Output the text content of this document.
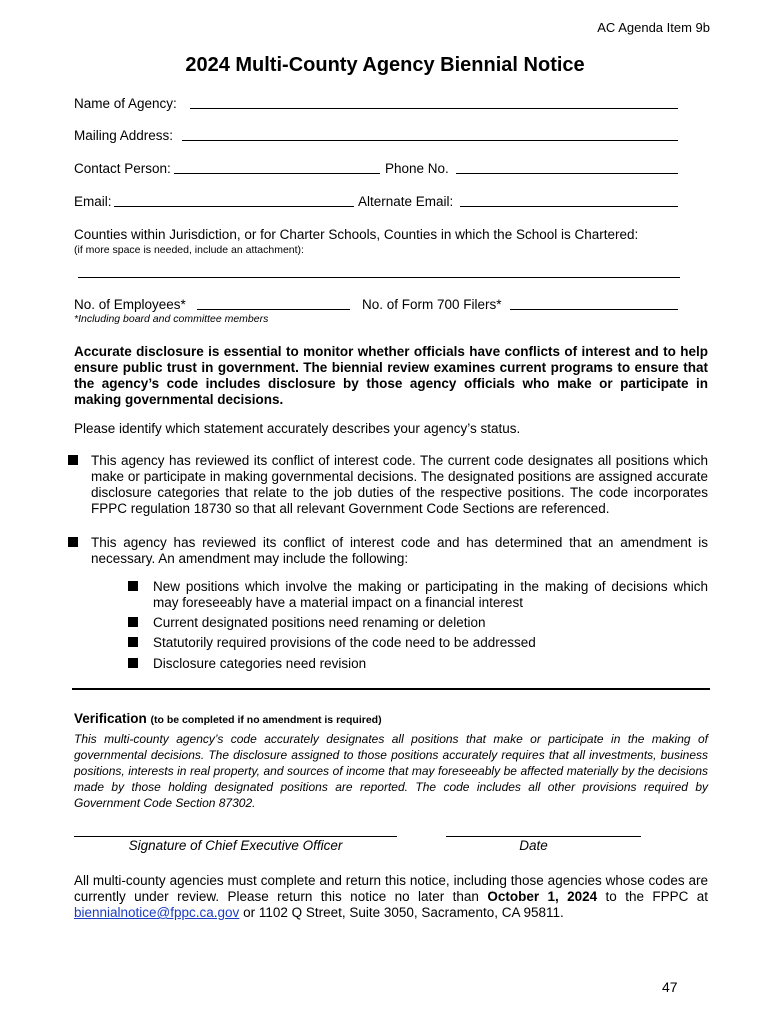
AC Agenda Item 9b
2024 Multi-County Agency Biennial Notice
Name of Agency:
Mailing Address:
Contact Person:	Phone No.
Email:	Alternate Email:
Counties within Jurisdiction, or for Charter Schools, Counties in which the School is Chartered:
(if more space is needed, include an attachment):
No. of Employees*	No. of Form 700 Filers*
*Including board and committee members
Accurate disclosure is essential to monitor whether officials have conflicts of interest and to help ensure public trust in government. The biennial review examines current programs to ensure that the agency’s code includes disclosure by those agency officials who make or participate in making governmental decisions.
Please identify which statement accurately describes your agency’s status.
This agency has reviewed its conflict of interest code. The current code designates all positions which make or participate in making governmental decisions. The designated positions are assigned accurate disclosure categories that relate to the job duties of the respective positions. The code incorporates FPPC regulation 18730 so that all relevant Government Code Sections are referenced.
This agency has reviewed its conflict of interest code and has determined that an amendment is necessary. An amendment may include the following:
New positions which involve the making or participating in the making of decisions which may foreseeably have a material impact on a financial interest
Current designated positions need renaming or deletion
Statutorily required provisions of the code need to be addressed
Disclosure categories need revision
Verification (to be completed if no amendment is required)
This multi-county agency’s code accurately designates all positions that make or participate in the making of governmental decisions. The disclosure assigned to those positions accurately requires that all investments, business positions, interests in real property, and sources of income that may foreseeably be affected materially by the decisions made by those holding designated positions are reported. The code includes all other provisions required by Government Code Section 87302.
Signature of Chief Executive Officer	Date
All multi-county agencies must complete and return this notice, including those agencies whose codes are currently under review. Please return this notice no later than October 1, 2024 to the FPPC at biennialnotice@fppc.ca.gov or 1102 Q Street, Suite 3050, Sacramento, CA 95811.
47
